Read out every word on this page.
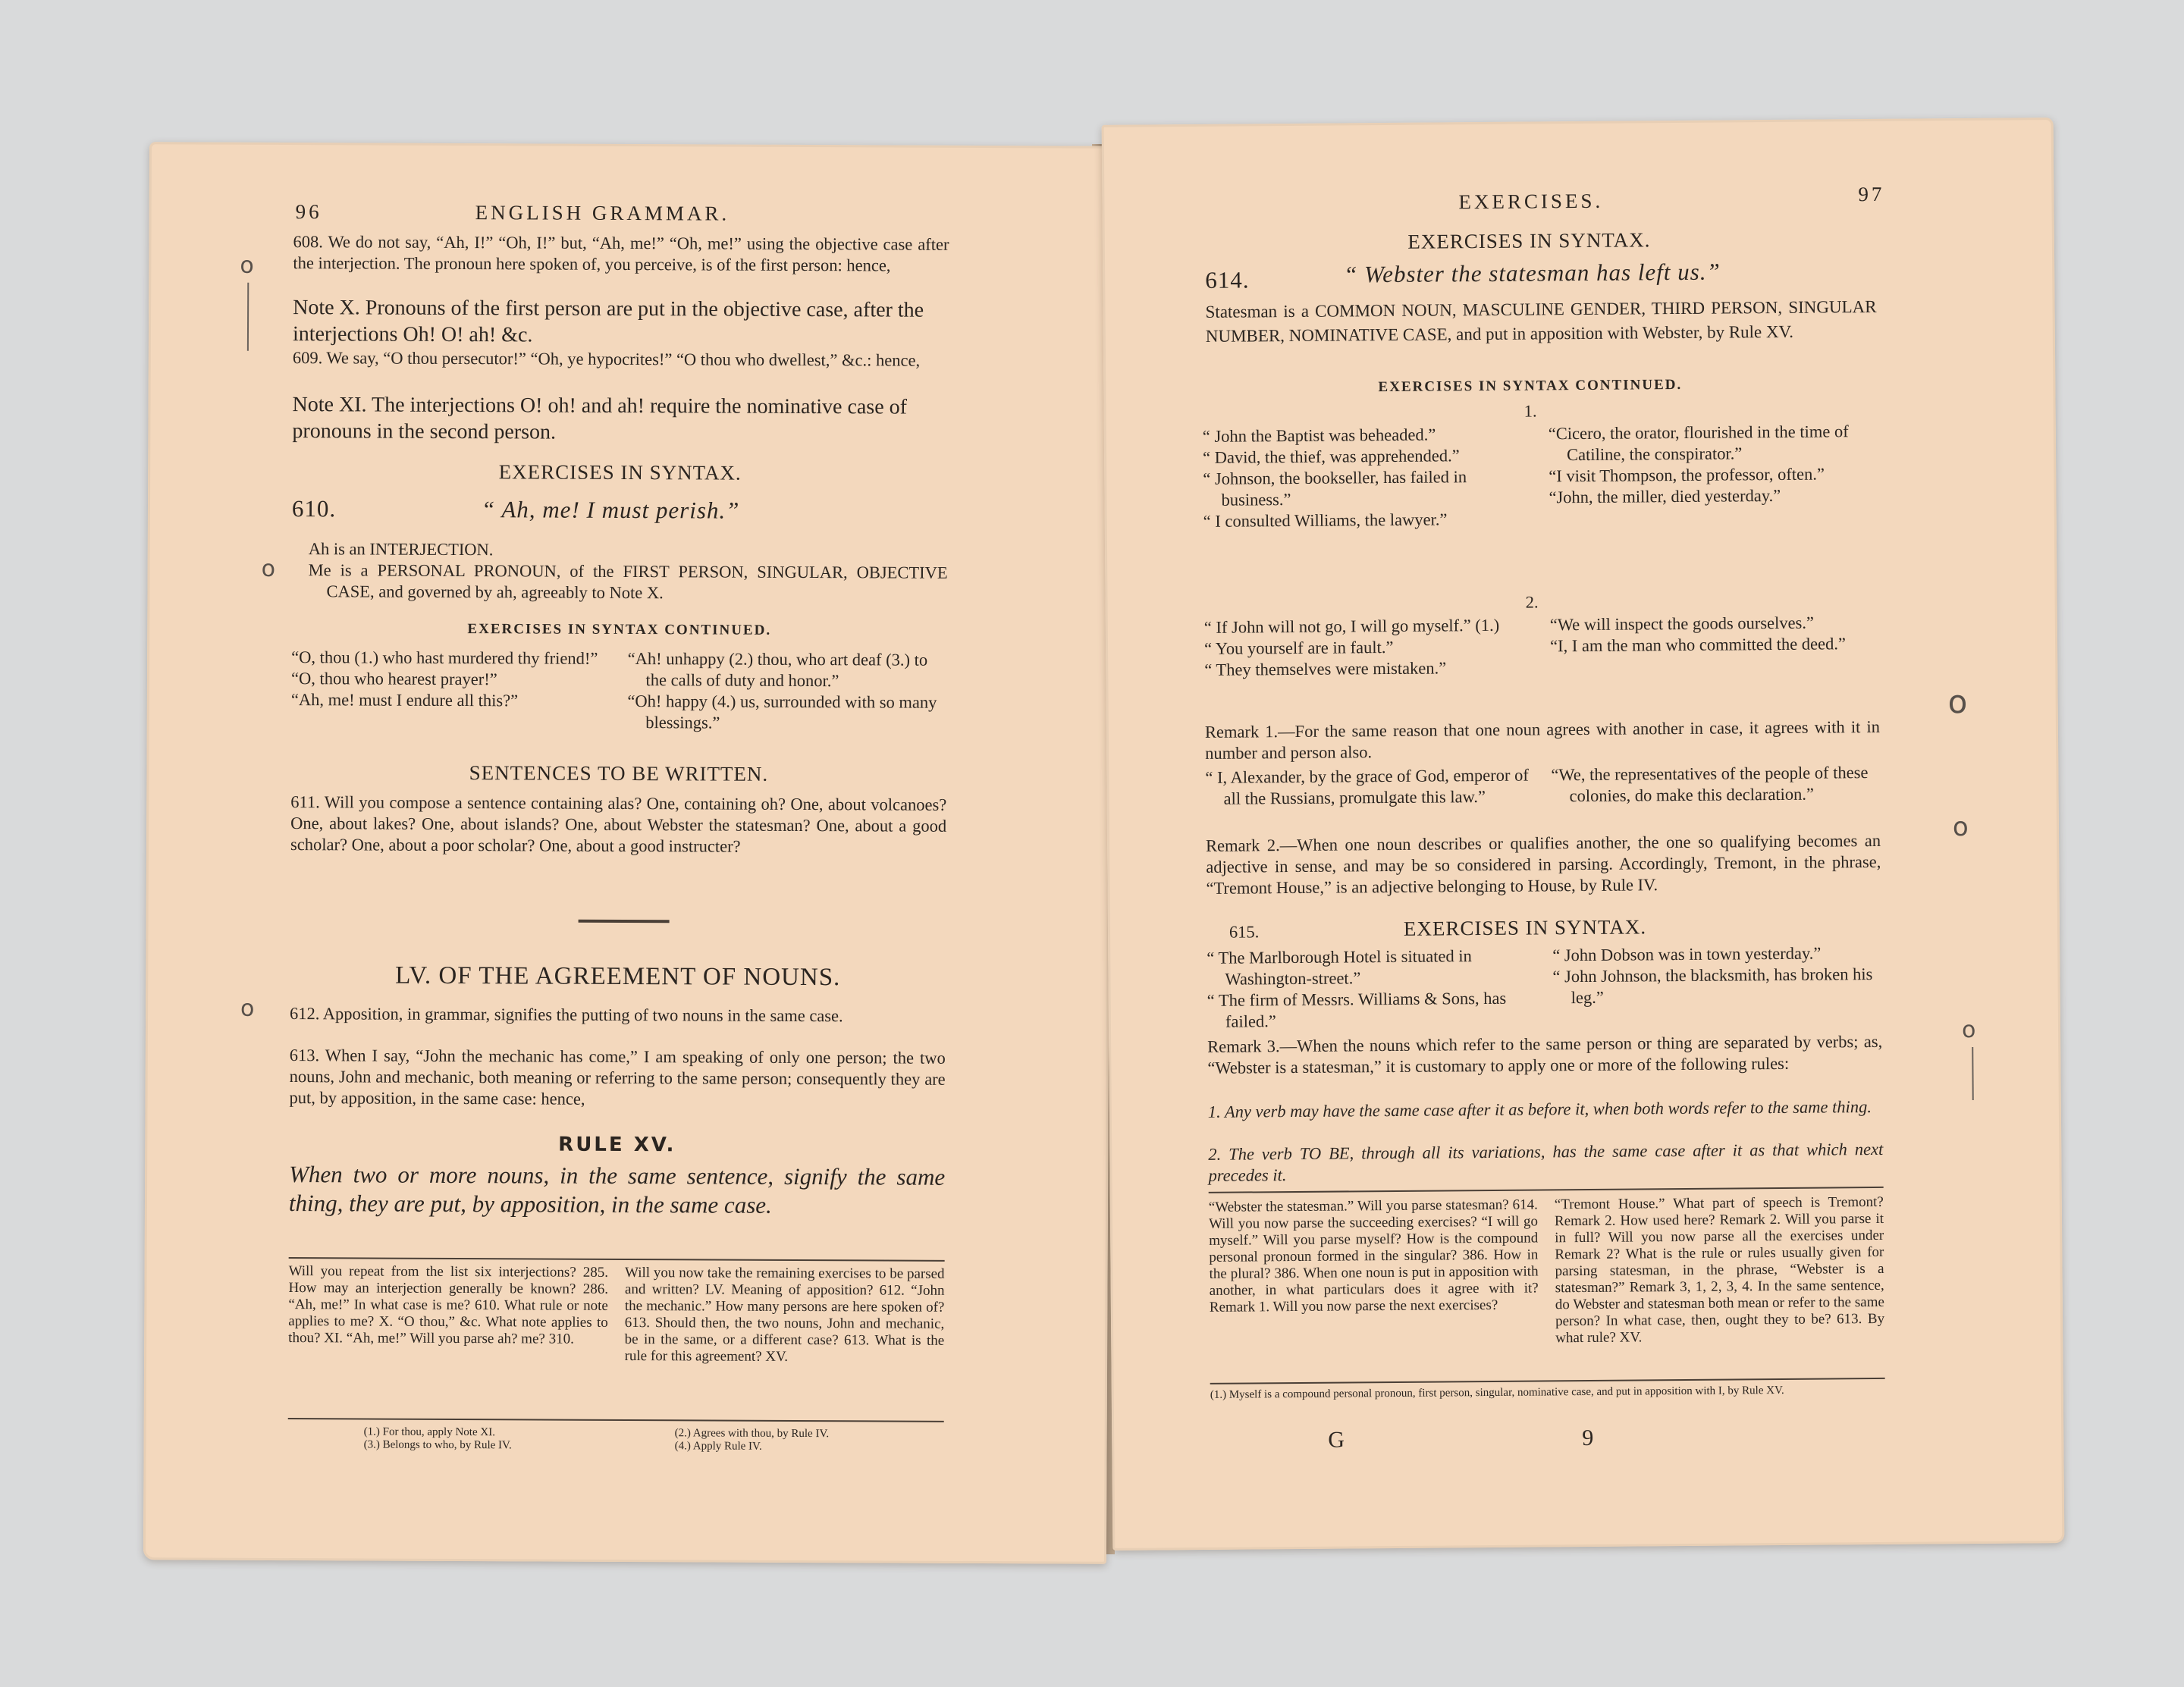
96	ENGLISH GRAMMAR.
608. We do not say, “Ah, I!” “Oh, I!” but, “Ah, me!” “Oh, me!” using the objective case after the interjection. The pronoun here spoken of, you perceive, is of the first person: hence,
Note X. Pronouns of the first person are put in the objective case, after the interjections Oh! O! ah! &c.
609. We say, “O thou persecutor!” “Oh, ye hypocrites!” “O thou who dwellest,” &c.: hence,
Note XI. The interjections O! oh! and ah! require the nominative case of pronouns in the second person.
EXERCISES IN SYNTAX.
610.	“ Ah, me! I must perish.”
Ah is an INTERJECTION.
Me is a PERSONAL PRONOUN, of the FIRST PERSON, SINGULAR, OBJECTIVE CASE, and governed by ah, agreeably to Note X.
EXERCISES IN SYNTAX CONTINUED.
“O, thou (1.) who hast murdered thy friend!”
“O, thou who hearest prayer!”
“Ah, me! must I endure all this?”
“Ah! unhappy (2.) thou, who art deaf (3.) to the calls of duty and honor.”
“Oh! happy (4.) us, surrounded with so many blessings.”
SENTENCES TO BE WRITTEN.
611. Will you compose a sentence containing alas? One, containing oh? One, about volcanoes? One, about lakes? One, about islands? One, about Webster the statesman? One, about a good scholar? One, about a poor scholar? One, about a good instructer?
LV. OF THE AGREEMENT OF NOUNS.
612. Apposition, in grammar, signifies the putting of two nouns in the same case.
613. When I say, “John the mechanic has come,” I am speaking of only one person; the two nouns, John and mechanic, both meaning or referring to the same person; consequently they are put, by apposition, in the same case: hence,
RULE XV.
When two or more nouns, in the same sentence, signify the same thing, they are put, by apposition, in the same case.
Will you repeat from the list six interjections? 285. How may an interjection generally be known? 286. “Ah, me!” In what case is me? 610. What rule or note applies to me? X. “O thou,” &c. What note applies to thou? XI. “Ah, me!” Will you parse ah? me? 310.
Will you now take the remaining exercises to be parsed and written? LV. Meaning of apposition? 612. “John the mechanic.” How many persons are here spoken of? 613. Should then, the two nouns, John and mechanic, be in the same, or a different case? 613. What is the rule for this agreement? XV.
(1.) For thou, apply Note XI.
(3.) Belongs to who, by Rule IV.
(2.) Agrees with thou, by Rule IV.
(4.) Apply Rule IV.
o
o
o
EXERCISES.	97
EXERCISES IN SYNTAX.
614.	“ Webster the statesman has left us.”
Statesman is a COMMON NOUN, MASCULINE GENDER, THIRD PERSON, SINGULAR NUMBER, NOMINATIVE CASE, and put in apposition with Webster, by Rule XV.
EXERCISES IN SYNTAX CONTINUED.
1.
“ John the Baptist was beheaded.”
“ David, the thief, was apprehended.”
“ Johnson, the bookseller, has failed in business.”
“ I consulted Williams, the lawyer.”
“Cicero, the orator, flourished in the time of Catiline, the conspirator.”
“I visit Thompson, the professor, often.”
“John, the miller, died yesterday.”
2.
“ If John will not go, I will go myself.” (1.)
“ You yourself are in fault.”
“ They themselves were mistaken.”
“We will inspect the goods ourselves.”
“I, I am the man who committed the deed.”
Remark 1.—For the same reason that one noun agrees with another in case, it agrees with it in number and person also.
“ I, Alexander, by the grace of God, emperor of all the Russians, promulgate this law.”
“We, the representatives of the people of these colonies, do make this declaration.”
Remark 2.—When one noun describes or qualifies another, the one so qualifying becomes an adjective in sense, and may be so considered in parsing. Accordingly, Tremont, in the phrase, “Tremont House,” is an adjective belonging to House, by Rule IV.
615.	EXERCISES IN SYNTAX.
“ The Marlborough Hotel is situated in Washington-street.”
“ The firm of Messrs. Williams & Sons, has failed.”
“ John Dobson was in town yesterday.”
“ John Johnson, the blacksmith, has broken his leg.”
Remark 3.—When the nouns which refer to the same person or thing are separated by verbs; as, “Webster is a statesman,” it is customary to apply one or more of the following rules:
1. Any verb may have the same case after it as before it, when both words refer to the same thing.
2. The verb TO BE, through all its variations, has the same case after it as that which next precedes it.
“Webster the statesman.” Will you parse statesman? 614. Will you now parse the succeeding exercises? “I will go myself.” Will you parse myself? How is the compound personal pronoun formed in the singular? 386. How in the plural? 386. When one noun is put in apposition with another, in what particulars does it agree with it? Remark 1. Will you now parse the next exercises?
“Tremont House.” What part of speech is Tremont? Remark 2. How used here? Remark 2. Will you parse it in full? Will you now parse all the exercises under Remark 2? What is the rule or rules usually given for parsing statesman, in the phrase, “Webster is a statesman?” Remark 3, 1, 2, 3, 4. In the same sentence, do Webster and statesman both mean or refer to the same person? In what case, then, ought they to be? 613. By what rule? XV.
(1.) Myself is a compound personal pronoun, first person, singular, nominative case, and put in apposition with I, by Rule XV.
G	9
o
o
o
